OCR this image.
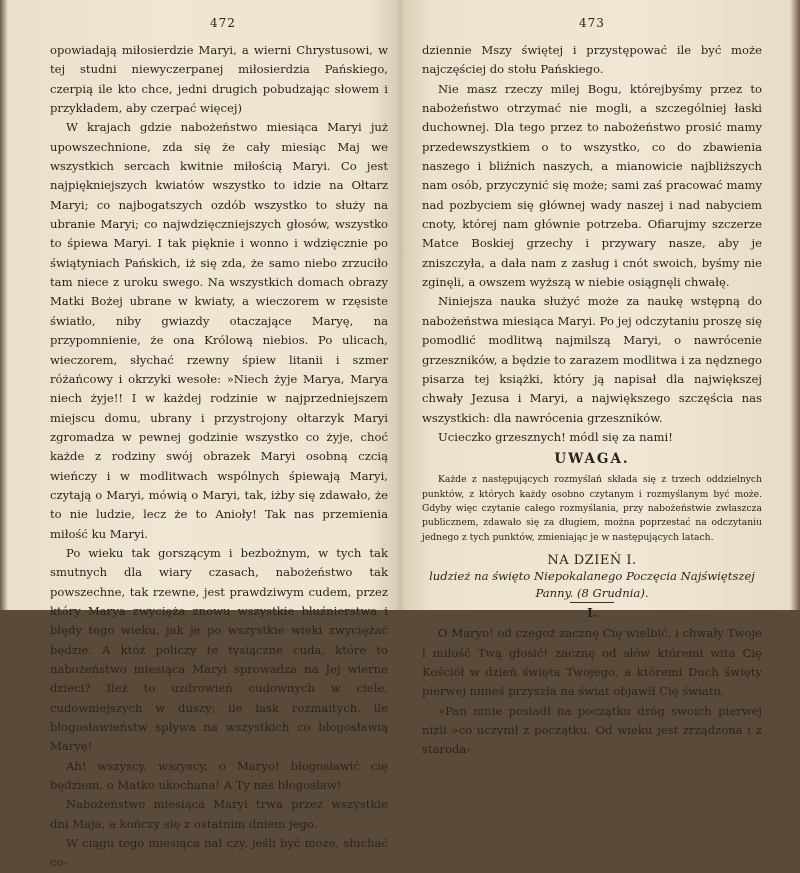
472

opowiadają miłosierdzie Maryi, a wierni Chrystusowi, w tej studni niewyczerpanej miłosierdzia Pańskiego, czerpią ile kto chce, jedni drugich pobudzając słowem i przykładem, aby czerpać więcej)

W krajach gdzie nabożeństwo miesiąca Maryi już upowszechnione, zda się że cały miesiąc Maj we wszystkich sercach kwitnie miłością Maryi. Co jest najpiękniejszych kwiatów wszystko to idzie na Ołtarz Maryi; co najbogatszych ozdób wszystko to służy na ubranie Maryi; co najwdzięczniejszych głosów, wszystko to śpiewa Maryi. I tak pięknie i wonno i wdzięcznie po świątyniach Pańskich, iż się zda, że samo niebo zrzuciło tam niece z uroku swego. Na wszystkich domach obrazy Matki Bożej ubrane w kwiaty, a wieczorem w rzęsiste światło, niby gwiazdy otaczające Maryę, na przypomnienie, że ona Królową niebios. Po ulicach, wieczorem, słychać rzewny śpiew litanii i szmer różańcowy i okrzyki wesołe: »Niech żyje Marya, Marya niech żyje!! I w każdej rodzinie w najprzedniejszem miejscu domu, ubrany i przystrojony ołtarzyk Maryi zgromadza w pewnej godzinie wszystko co żyje, choć każde z rodziny swój obrazek Maryi osobną czcią wieńczy i w modlitwach wspólnych śpiewają Maryi, czytają o Maryi, mówią o Maryi, tak, iżby się zdawało, że to nie ludzie, lecz że to Anioły! Tak nas przemienia miłość ku Maryi.

Po wieku tak gorszącym i bezbożnym, w tych tak smutnych dla wiary czasach, nabożeństwo tak powszechne, tak rzewne, jest prawdziwym cudem, przez który Marya zwycięża znowu wszystkie bluźnierstwa i błędy tego wieku, jak je po wszystkie wieki zwyciężać będzie. A któż policzy te tysiączne cuda, które to nabożeństwo miesiąca Maryi sprowadza na Jej wierne dzieci? Ileż to uzdrowień cudownych w ciele, cudowniejszych w duszy; ile łask rozmaitych, ile błogosławieństw spływa na wszystkich co błogosławią Maryę!

Ah! wszyscy, wszyscy, o Maryo! błogosławić cię będziem, o Matko ukochana! A Ty nas błogosław!

Nabożeństwo miesiąca Maryi trwa przez wszystkie dni Maja, a kończy się z ostatnim dniem jego.

W ciągu tego miesiąca nal czy, jeśli być może, słuchać co-

473

dziennie Mszy świętej i przystępować ile być może najczęściej do stołu Pańskiego.

Nie masz rzeczy milej Bogu, którejbyśmy przez to nabożeństwo otrzymać nie mogli, a szczególniej łaski duchownej. Dla tego przez to nabożeństwo prosić mamy przedewszystkiem o to wszystko, co do zbawienia naszego i bliźnich naszych, a mianowicie najbliższych nam osób, przyczynić się może; sami zaś pracować mamy nad pozbyciem się głównej wady naszej i nad nabyciem cnoty, której nam głównie potrzeba. Ofiarujmy szczerze Matce Boskiej grzechy i przywary nasze, aby je zniszczyła, a dała nam z zasług i cnót swoich, byśmy nie zginęli, a owszem wyższą w niebie osiągnęli chwałę.

Niniejsza nauka służyć może za naukę wstępną do nabożeństwa miesiąca Maryi. Po jej odczytaniu proszę się pomodlić modlitwą najmilszą Maryi, o nawrócenie grzeszników, a będzie to zarazem modlitwa i za nędznego pisarza tej książki, który ją napisał dla największej chwały Jezusa i Maryi, a największego szczęścia nas wszystkich: dla nawrócenia grzeszników.

Ucieczko grzesznych! módl się za nami!

UWAGA.

Każde z następujących rozmyślań składa się z trzech oddzielnych punktów, z których każdy osobno czytanym i rozmyślanym być może. Gdyby więc czytanie całego rozmyślania, przy nabożeństwie zwłaszcza publicznem, zdawało się za długiem, można poprzestać na odczytaniu jednego z tych punktów, zmieniając je w następujących latach.

NA DZIEŃ I.
ludzież na święto Niepokalanego Poczęcia Najświętszej Panny. (8 Grudnia).
I.

O Maryo! od czegoż zacznę Cię wielbić, i chwały Twoje i miłość Twą głosić! zacznę od słów któremi wita Cię Kościół w dzień święta Twojego, a któremi Duch święty pierwej nimeś przyszła na świat objawił Cię światu.

»Pan mnie posiadł na początku dróg swoich pierwej niźli »co uczynił z początku. Od wieku jest zrządzona i z staroda-
